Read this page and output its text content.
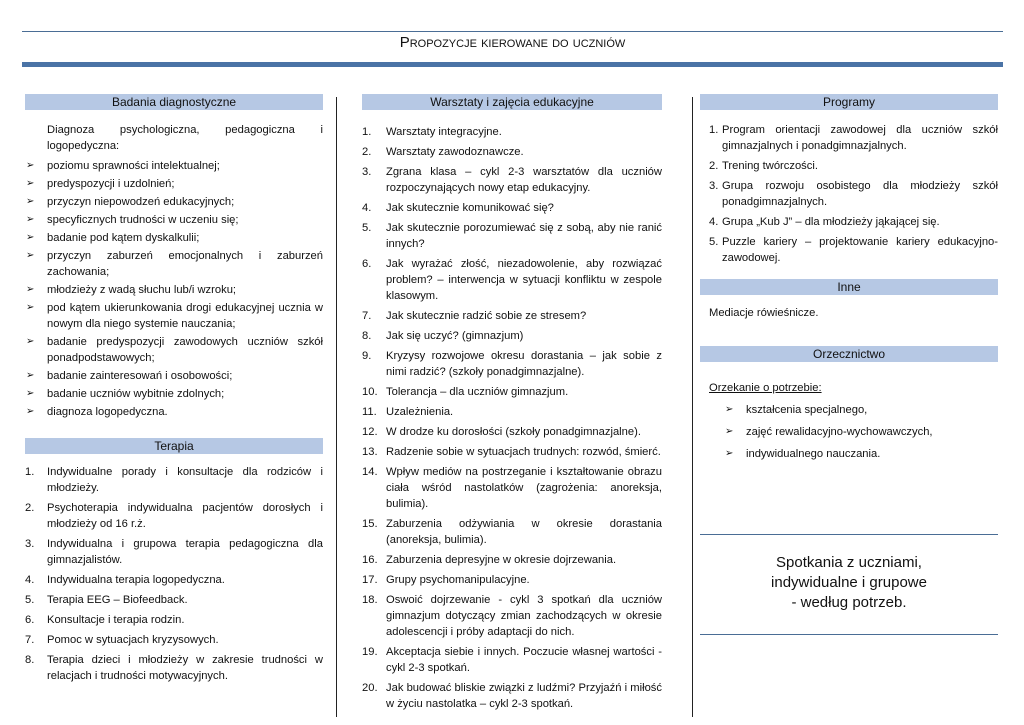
Propozycje kierowane do uczniów
Badania diagnostyczne
Diagnoza psychologiczna, pedagogiczna i logopedyczna:
➢ poziomu sprawności intelektualnej;
➢ predyspozycji i uzdolnień;
➢ przyczyn niepowodzeń edukacyjnych;
➢ specyficznych trudności w uczeniu się;
➢ badanie pod kątem dyskalkulii;
➢ przyczyn zaburzeń emocjonalnych i zaburzeń zachowania;
➢ młodzieży z wadą słuchu lub/i wzroku;
➢ pod kątem ukierunkowania drogi edukacyjnej ucznia w nowym dla niego systemie nauczania;
➢ badanie predyspozycji zawodowych uczniów szkół ponadpodstawowych;
➢ badanie zainteresowań i osobowości;
➢ badanie uczniów wybitnie zdolnych;
➢ diagnoza logopedyczna.
Terapia
1. Indywidualne porady i konsultacje dla rodziców i młodzieży.
2. Psychoterapia indywidualna pacjentów dorosłych i młodzieży od 16 r.ż.
3. Indywidualna i grupowa terapia pedagogiczna dla gimnazjalistów.
4. Indywidualna terapia logopedyczna.
5. Terapia EEG – Biofeedback.
6. Konsultacje i terapia rodzin.
7. Pomoc w sytuacjach kryzysowych.
8. Terapia dzieci i młodzieży w zakresie trudności w relacjach i trudności motywacyjnych.
Warsztaty i zajęcia edukacyjne
1. Warsztaty integracyjne.
2. Warsztaty zawodoznawcze.
3. Zgrana klasa – cykl 2-3 warsztatów dla uczniów rozpoczynających nowy etap edukacyjny.
4. Jak skutecznie komunikować się?
5. Jak skutecznie porozumiewać się z sobą, aby nie ranić innych?
6. Jak wyrażać złość, niezadowolenie, aby rozwiązać problem? – interwencja w sytuacji konfliktu w zespole klasowym.
7. Jak skutecznie radzić sobie ze stresem?
8. Jak się uczyć? (gimnazjum)
9. Kryzysy rozwojowe okresu dorastania – jak sobie z nimi radzić? (szkoły ponadgimnazjalne).
10. Tolerancja – dla uczniów gimnazjum.
11. Uzależnienia.
12. W drodze ku dorosłości (szkoły ponadgimnazjalne).
13. Radzenie sobie w sytuacjach trudnych: rozwód, śmierć.
14. Wpływ mediów na postrzeganie i kształtowanie obrazu ciała wśród nastolatków (zagrożenia: anoreksja, bulimia).
15. Zaburzenia odżywiania w okresie dorastania (anoreksja, bulimia).
16. Zaburzenia depresyjne w okresie dojrzewania.
17. Grupy psychomanipulacyjne.
18. Oswoić dojrzewanie - cykl 3 spotkań dla uczniów gimnazjum dotyczący zmian zachodzących w okresie adolescencji i próby adaptacji do nich.
19. Akceptacja siebie i innych. Poczucie własnej wartości - cykl 2-3 spotkań.
20. Jak budować bliskie związki z ludźmi? Przyjaźń i miłość w życiu nastolatka – cykl 2-3 spotkań.
Programy
1. Program orientacji zawodowej dla uczniów szkół gimnazjalnych i ponadgimnazjalnych.
2. Trening twórczości.
3. Grupa rozwoju osobistego dla młodzieży szkół ponadgimnazjalnych.
4. Grupa „Kub J” – dla młodzieży jąkającej się.
5. Puzzle kariery – projektowanie kariery edukacyjno-zawodowej.
Inne
Mediacje rówieśnicze.
Orzecznictwo
Orzekanie o potrzebie:
➢ kształcenia specjalnego,
➢ zajęć rewalidacyjno-wychowawczych,
➢ indywidualnego nauczania.
Spotkania z uczniami,
indywidualne i grupowe
- według potrzeb.
